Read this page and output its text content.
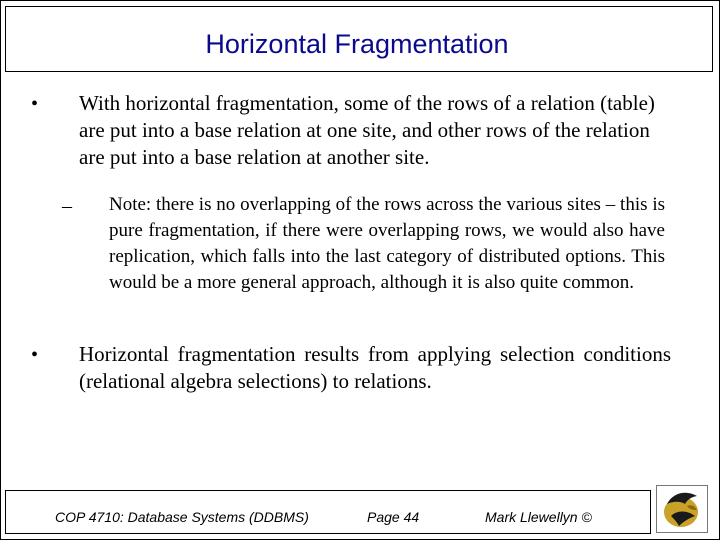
Horizontal Fragmentation
• With horizontal fragmentation, some of the rows of a relation (table) are put into a base relation at one site, and other rows of the relation are put into a base relation at another site.
– Note: there is no overlapping of the rows across the various sites – this is pure fragmentation, if there were overlapping rows, we would also have replication, which falls into the last category of distributed options. This would be a more general approach, although it is also quite common.
• Horizontal fragmentation results from applying selection conditions (relational algebra selections) to relations.
COP 4710: Database Systems (DDBMS)	Page 44	Mark Llewellyn ©
